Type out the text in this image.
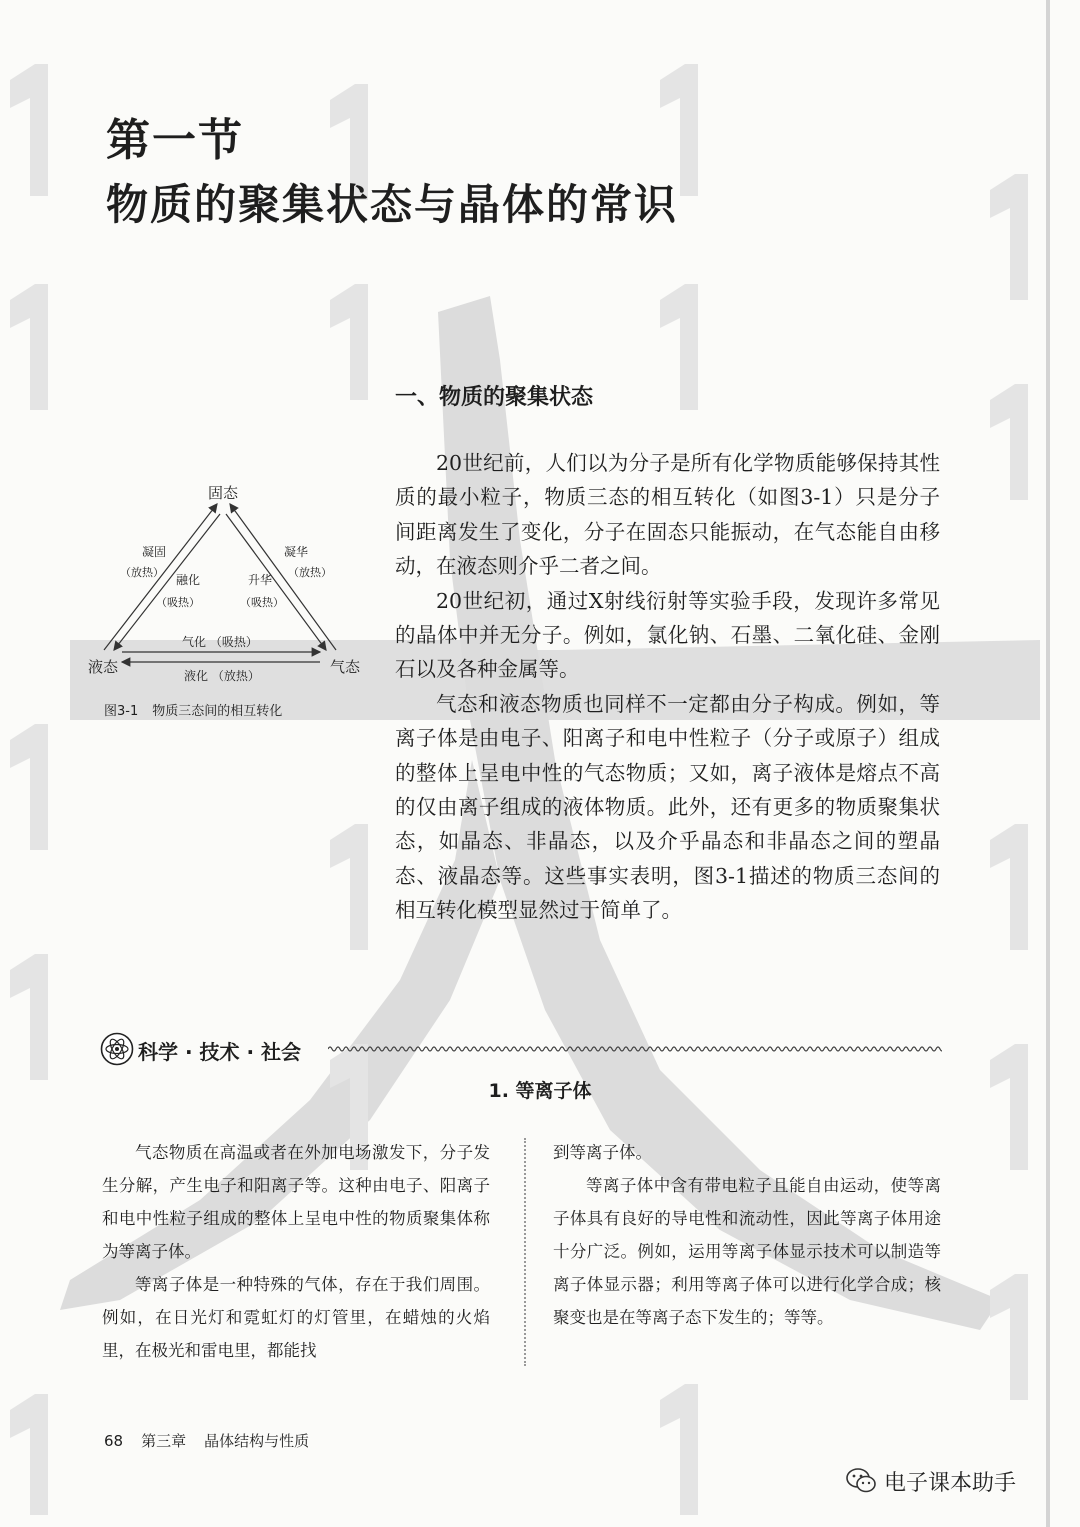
第一节
物质的聚集状态与晶体的常识
一、物质的聚集状态

20世纪前，人们以为分子是所有化学物质能够保持其性质的最小粒子，物质三态的相互转化（如图3-1）只是分子间距离发生了变化，分子在固态只能振动，在气态能自由移动，在液态则介乎二者之间。

20世纪初，通过X射线衍射等实验手段，发现许多常见的晶体中并无分子。例如，氯化钠、石墨、二氧化硅、金刚石以及各种金属等。

气态和液态物质也同样不一定都由分子构成。例如，等离子体是由电子、阳离子和电中性粒子（分子或原子）组成的整体上呈电中性的气态物质；又如，离子液体是熔点不高的仅由离子组成的液体物质。此外，还有更多的物质聚集状态，如晶态、非晶态，以及介乎晶态和非晶态之间的塑晶态、液晶态等。这些事实表明，图3-1描述的物质三态间的相互转化模型显然过于简单了。

固态
液态	气态
凝固
（放热）
融化
（吸热）
凝华
（放热）
升华
（吸热）
气化 （吸热）
液化 （放热）
图3-1 物质三态间的相互转化
科学 · 技术 · 社会
1. 等离子体

气态物质在高温或者在外加电场激发下，分子发生分解，产生电子和阳离子等。这种由电子、阳离子和电中性粒子组成的整体上呈电中性的物质聚集体称为等离子体。

等离子体是一种特殊的气体，存在于我们周围。例如，在日光灯和霓虹灯的灯管里，在蜡烛的火焰里，在极光和雷电里，都能找

到等离子体。

等离子体中含有带电粒子且能自由运动，使等离子体具有良好的导电性和流动性，因此等离子体用途十分广泛。例如，运用等离子体显示技术可以制造等离子体显示器；利用等离子体可以进行化学合成；核聚变也是在等离子态下发生的；等等。

68 第三章 晶体结构与性质
电子课本助手
